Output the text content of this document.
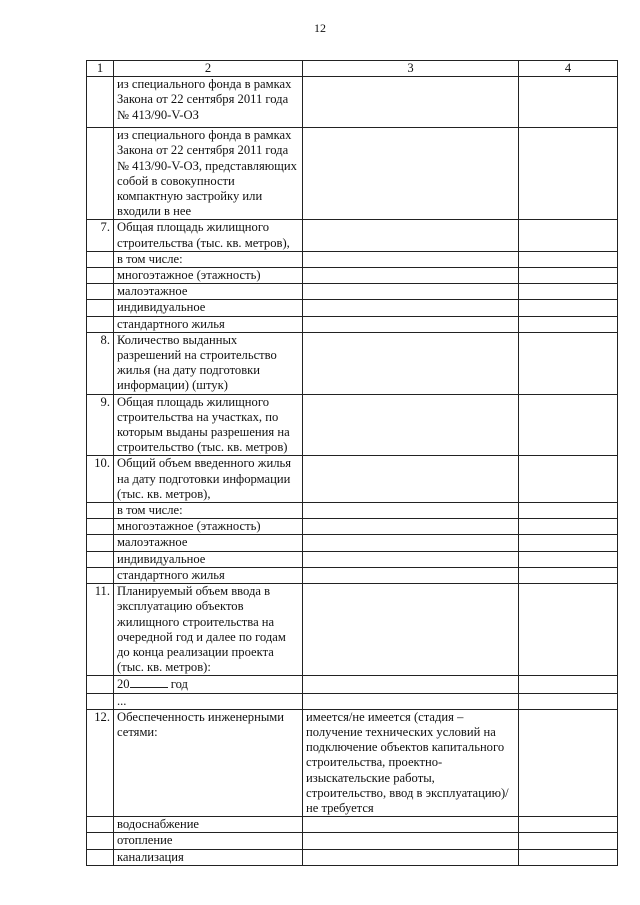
12
1	2	3	4
	из специального фонда в рамках Закона от 22 сентября 2011 года № 413/90-V-ОЗ		
	из специального фонда в рамках Закона от 22 сентября 2011 года № 413/90-V-ОЗ, представляющих собой в совокупности компактную застройку или входили в нее		
7.	Общая площадь жилищного строительства (тыс. кв. метров),		
	в том числе:		
	многоэтажное (этажность)		
	малоэтажное		
	индивидуальное		
	стандартного жилья		
8.	Количество выданных разрешений на строительство жилья (на дату подготовки информации) (штук)		
9.	Общая площадь жилищного строительства на участках, по которым выданы разрешения на строительство (тыс. кв. метров)		
10.	Общий объем введенного жилья на дату подготовки информации (тыс. кв. метров),		
	в том числе:		
	многоэтажное (этажность)		
	малоэтажное		
	индивидуальное		
	стандартного жилья		
11.	Планируемый объем ввода в эксплуатацию объектов жилищного строительства на очередной год и далее по годам до конца реализации проекта (тыс. кв. метров):		
	20 год		
	...		
12.	Обеспеченность инженерными сетями:	имеется/не имеется (стадия – получение технических условий на подключение объектов капитального строительства, проектно-изыскательские работы, строительство, ввод в эксплуатацию)/не требуется	
	водоснабжение		
	отопление		
	канализация		
